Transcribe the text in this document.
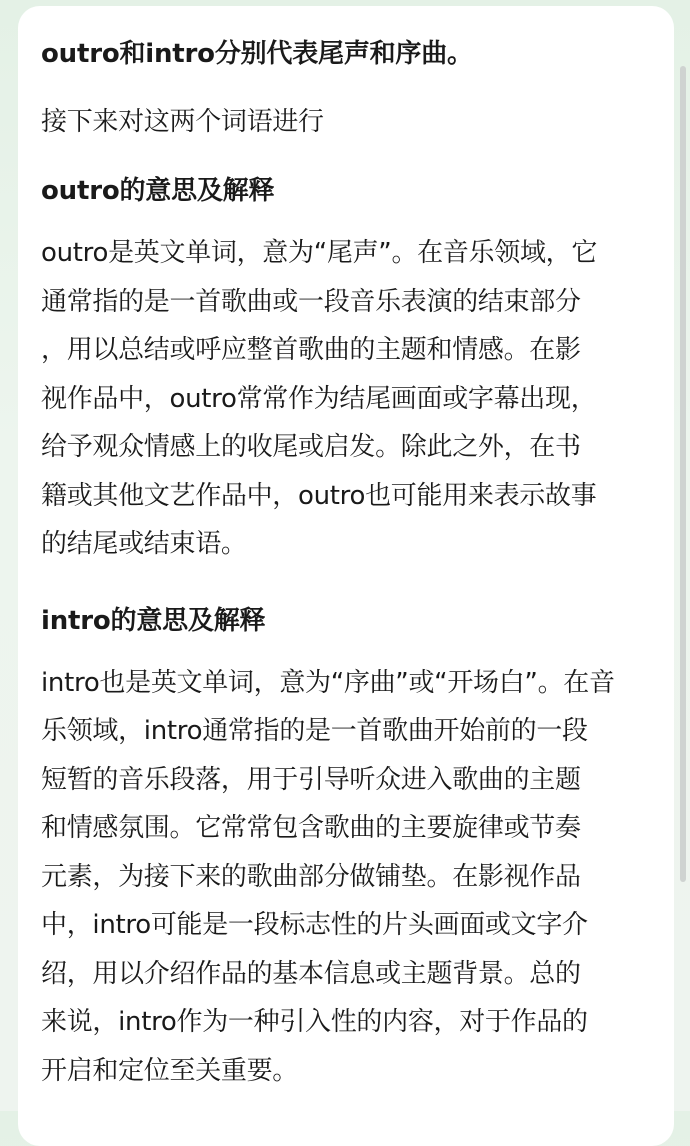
outro和intro分别代表尾声和序曲。

接下来对这两个词语进行

outro的意思及解释

outro是英文单词，意为“尾声”。在音乐领域，它
通常指的是一首歌曲或一段音乐表演的结束部分
，用以总结或呼应整首歌曲的主题和情感。在影
视作品中，outro常常作为结尾画面或字幕出现，
给予观众情感上的收尾或启发。除此之外，在书
籍或其他文艺作品中，outro也可能用来表示故事
的结尾或结束语。

intro的意思及解释

intro也是英文单词，意为“序曲”或“开场白”。在音
乐领域，intro通常指的是一首歌曲开始前的一段
短暂的音乐段落，用于引导听众进入歌曲的主题
和情感氛围。它常常包含歌曲的主要旋律或节奏
元素，为接下来的歌曲部分做铺垫。在影视作品
中，intro可能是一段标志性的片头画面或文字介
绍，用以介绍作品的基本信息或主题背景。总的
来说，intro作为一种引入性的内容，对于作品的
开启和定位至关重要。
